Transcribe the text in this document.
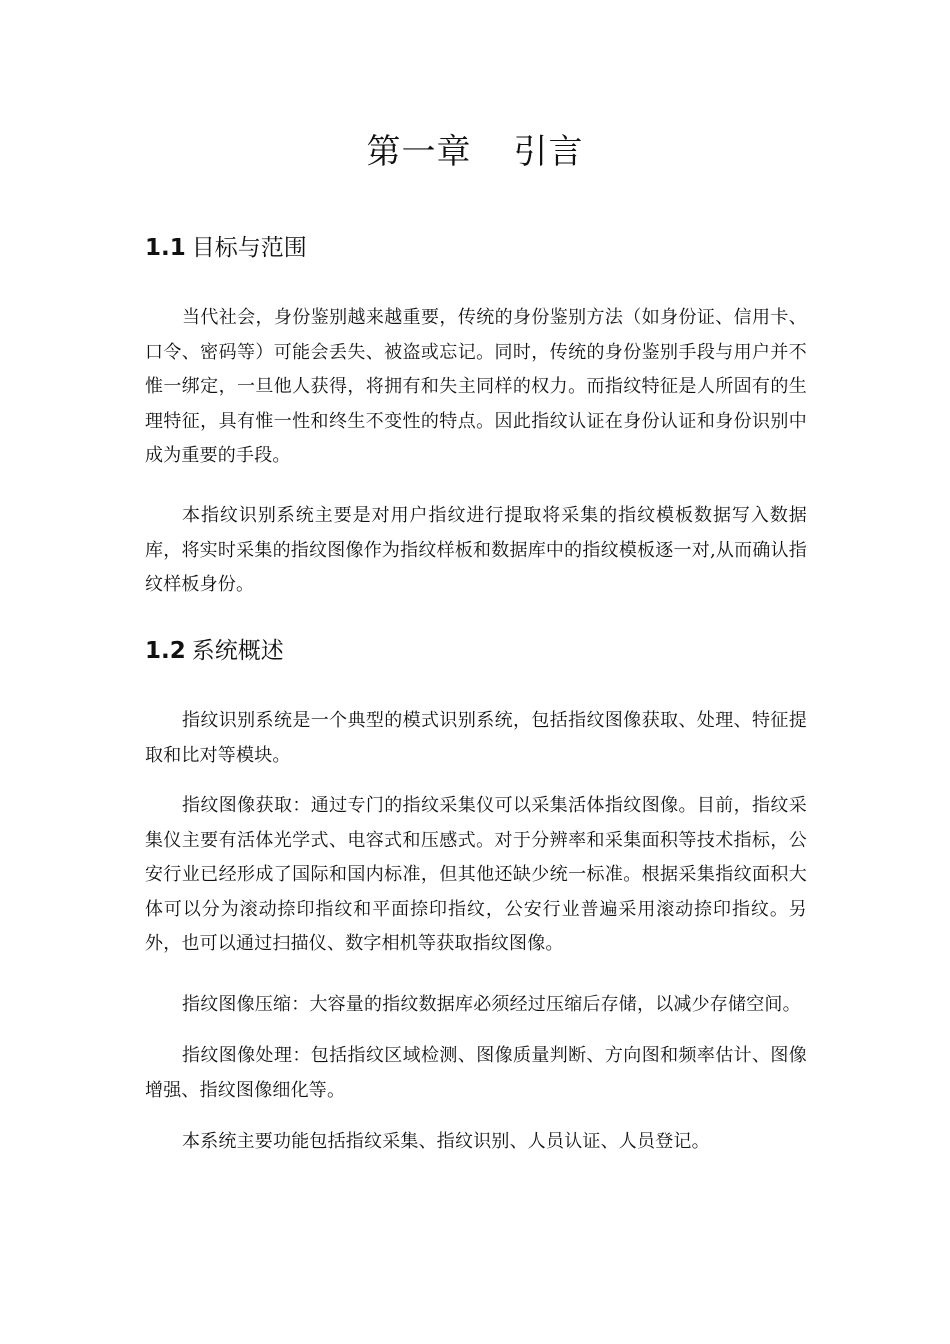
第一章 引言
1.1 目标与范围

当代社会，身份鉴别越来越重要，传统的身份鉴别方法（如身份证、信用卡、口令、密码等）可能会丢失、被盗或忘记。同时，传统的身份鉴别手段与用户并不惟一绑定，一旦他人获得，将拥有和失主同样的权力。而指纹特征是人所固有的生理特征，具有惟一性和终生不变性的特点。因此指纹认证在身份认证和身份识别中成为重要的手段。

本指纹识别系统主要是对用户指纹进行提取将采集的指纹模板数据写入数据库，将实时采集的指纹图像作为指纹样板和数据库中的指纹模板逐一对,从而确认指纹样板身份。

1.2 系统概述

指纹识别系统是一个典型的模式识别系统，包括指纹图像获取、处理、特征提取和比对等模块。

指纹图像获取：通过专门的指纹采集仪可以采集活体指纹图像。目前，指纹采集仪主要有活体光学式、电容式和压感式。对于分辨率和采集面积等技术指标，公安行业已经形成了国际和国内标准，但其他还缺少统一标准。根据采集指纹面积大体可以分为滚动捺印指纹和平面捺印指纹，公安行业普遍采用滚动捺印指纹。另外，也可以通过扫描仪、数字相机等获取指纹图像。

指纹图像压缩：大容量的指纹数据库必须经过压缩后存储，以减少存储空间。

指纹图像处理：包括指纹区域检测、图像质量判断、方向图和频率估计、图像增强、指纹图像细化等。

本系统主要功能包括指纹采集、指纹识别、人员认证、人员登记。
